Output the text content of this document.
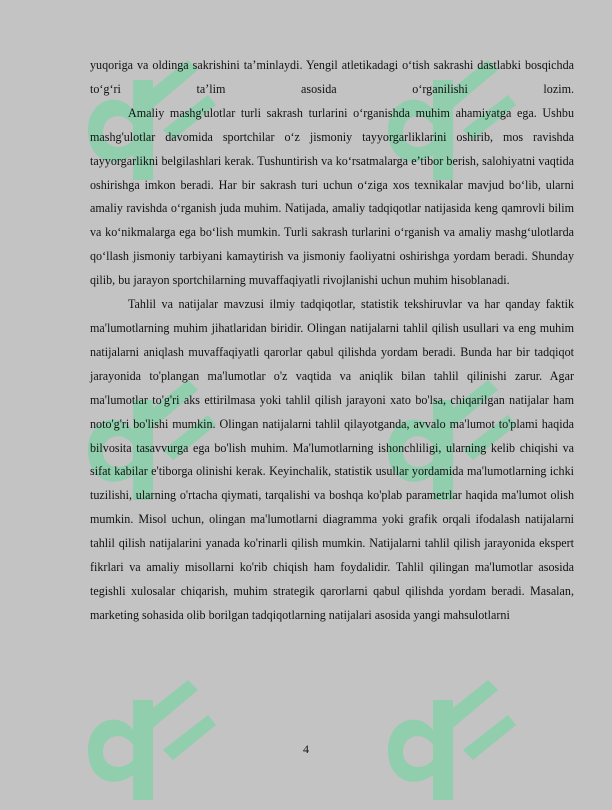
yuqoriga va oldinga sakrishini ta’minlaydi. Yengil atletikadagi o‘tish sakrashi dastlabki bosqichda to‘g‘ri ta’lim asosida o‘rganilishi lozim.

Amaliy mashg'ulotlar turli sakrash turlarini o‘rganishda muhim ahamiyatga ega. Ushbu mashg'ulotlar davomida sportchilar o‘z jismoniy tayyorgarliklarini oshirib, mos ravishda tayyorgarlikni belgilashlari kerak. Tushuntirish va ko‘rsatmalarga e’tibor berish, salohiyatni vaqtida oshirishga imkon beradi. Har bir sakrash turi uchun o‘ziga xos texnikalar mavjud bo‘lib, ularni amaliy ravishda o‘rganish juda muhim. Natijada, amaliy tadqiqotlar natijasida keng qamrovli bilim va ko‘nikmalarga ega bo‘lish mumkin. Turli sakrash turlarini o‘rganish va amaliy mashg‘ulotlarda qo‘llash jismoniy tarbiyani kamaytirish va jismoniy faoliyatni oshirishga yordam beradi. Shunday qilib, bu jarayon sportchilarning muvaffaqiyatli rivojlanishi uchun muhim hisoblanadi.

Tahlil va natijalar mavzusi ilmiy tadqiqotlar, statistik tekshiruvlar va har qanday faktik ma'lumotlarning muhim jihatlaridan biridir. Olingan natijalarni tahlil qilish usullari va eng muhim natijalarni aniqlash muvaffaqiyatli qarorlar qabul qilishda yordam beradi. Bunda har bir tadqiqot jarayonida to'plangan ma'lumotlar o'z vaqtida va aniqlik bilan tahlil qilinishi zarur. Agar ma'lumotlar to'g'ri aks ettirilmasa yoki tahlil qilish jarayoni xato bo'lsa, chiqarilgan natijalar ham noto'g'ri bo'lishi mumkin. Olingan natijalarni tahlil qilayotganda, avvalo ma'lumot to'plami haqida bilvosita tasavvurga ega bo'lish muhim. Ma'lumotlarning ishonchliligi, ularning kelib chiqishi va sifat kabilar e'tiborga olinishi kerak. Keyinchalik, statistik usullar yordamida ma'lumotlarning ichki tuzilishi, ularning o'rtacha qiymati, tarqalishi va boshqa ko'plab parametrlar haqida ma'lumot olish mumkin. Misol uchun, olingan ma'lumotlarni diagramma yoki grafik orqali ifodalash natijalarni tahlil qilish natijalarini yanada ko'rinarli qilish mumkin. Natijalarni tahlil qilish jarayonida ekspert fikrlari va amaliy misollarni ko'rib chiqish ham foydalidir. Tahlil qilingan ma'lumotlar asosida tegishli xulosalar chiqarish, muhim strategik qarorlarni qabul qilishda yordam beradi. Masalan, marketing sohasida olib borilgan tadqiqotlarning natijalari asosida yangi mahsulotlarni

4
